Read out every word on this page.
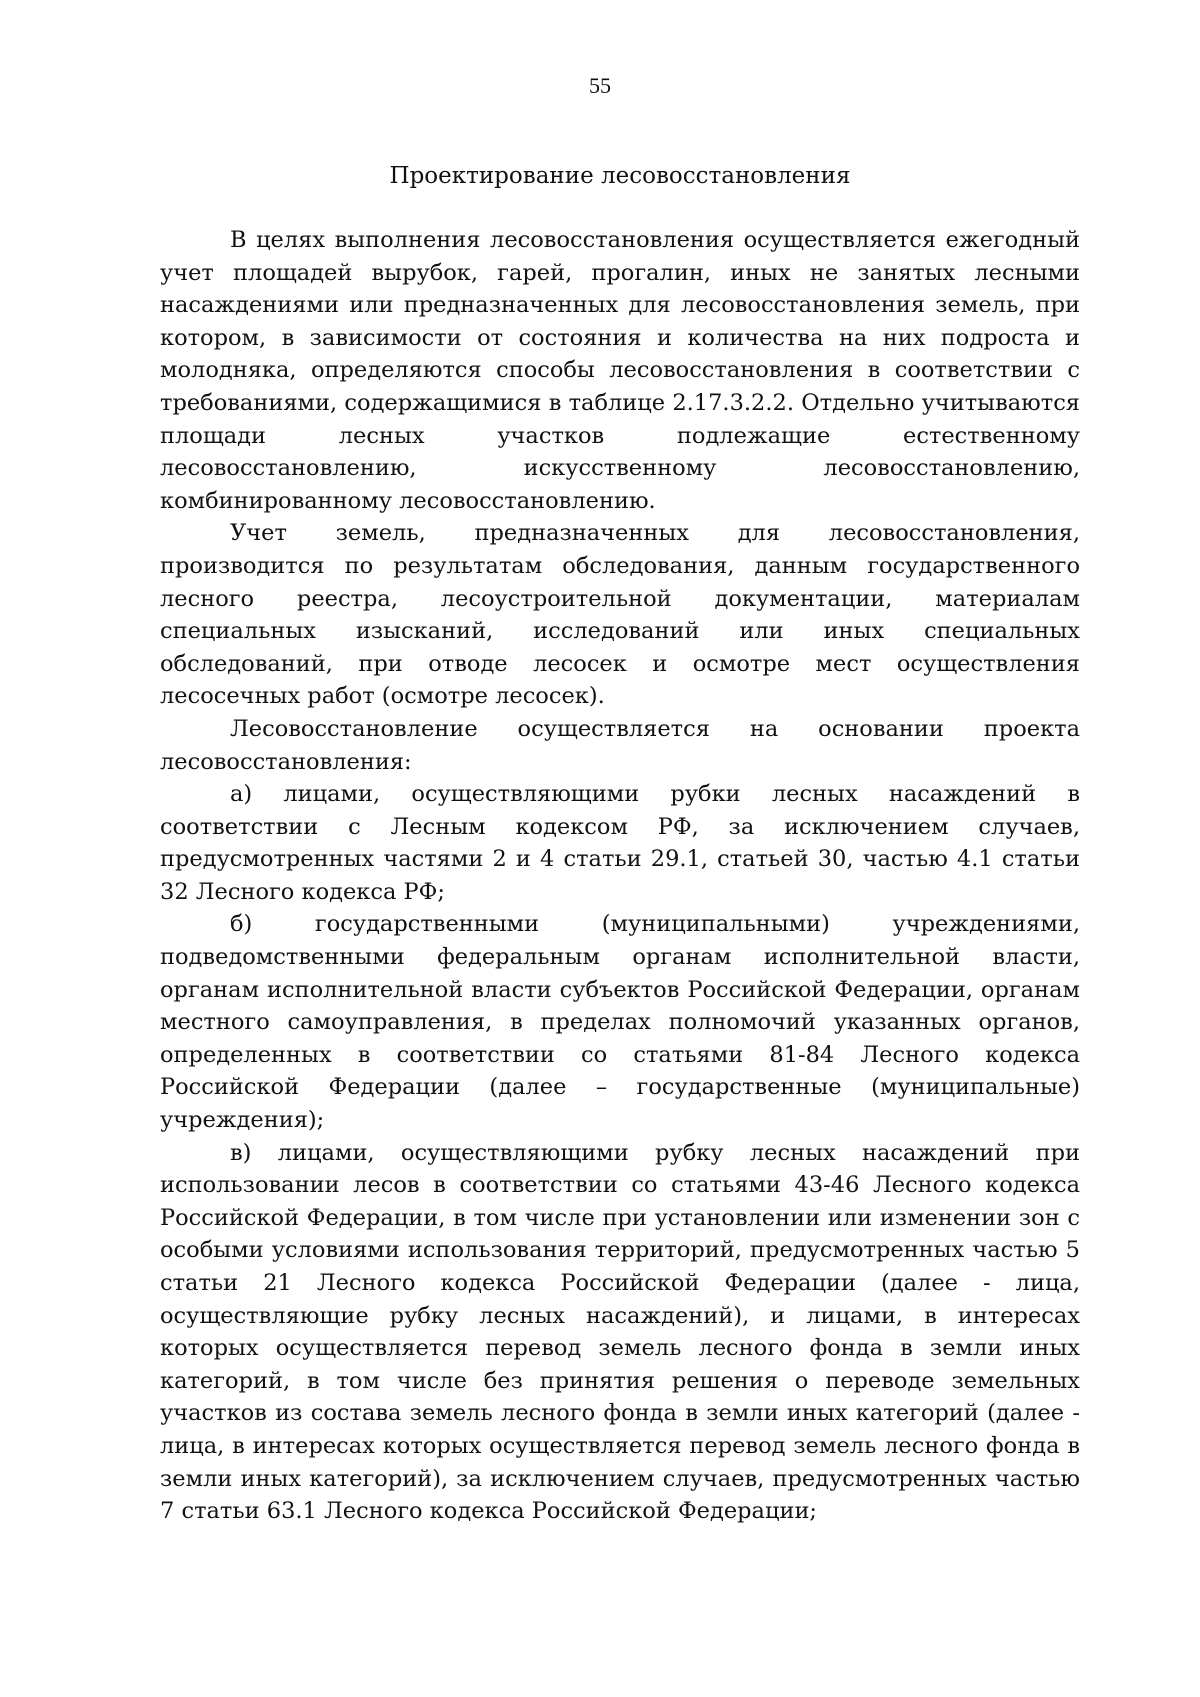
55
Проектирование лесовосстановления

В целях выполнения лесовосстановления осуществляется ежегодный учет площадей вырубок, гарей, прогалин, иных не занятых лесными насаждениями или предназначенных для лесовосстановления земель, при котором, в зависимости от состояния и количества на них подроста и молодняка, определяются способы лесовосстановления в соответствии с требованиями, содержащимися в таблице 2.17.3.2.2. Отдельно учитываются площади лесных участков подлежащие естественному лесовосстановлению, искусственному лесовосстановлению, комбинированному лесовосстановлению.

Учет земель, предназначенных для лесовосстановления, производится по результатам обследования, данным государственного лесного реестра, лесоустроительной документации, материалам специальных изысканий, исследований или иных специальных обследований, при отводе лесосек и осмотре мест осуществления лесосечных работ (осмотре лесосек).

Лесовосстановление осуществляется на основании проекта лесовосстановления:

а) лицами, осуществляющими рубки лесных насаждений в соответствии с Лесным кодексом РФ, за исключением случаев, предусмотренных частями 2 и 4 статьи 29.1, статьей 30, частью 4.1 статьи 32 Лесного кодекса РФ;

б) государственными (муниципальными) учреждениями, подведомственными федеральным органам исполнительной власти, органам исполнительной власти субъектов Российской Федерации, органам местного самоуправления, в пределах полномочий указанных органов, определенных в соответствии со статьями 81-84 Лесного кодекса Российской Федерации (далее – государственные (муниципальные) учреждения);

в) лицами, осуществляющими рубку лесных насаждений при использовании лесов в соответствии со статьями 43-46 Лесного кодекса Российской Федерации, в том числе при установлении или изменении зон с особыми условиями использования территорий, предусмотренных частью 5 статьи 21 Лесного кодекса Российской Федерации (далее - лица, осуществляющие рубку лесных насаждений), и лицами, в интересах которых осуществляется перевод земель лесного фонда в земли иных категорий, в том числе без принятия решения о переводе земельных участков из состава земель лесного фонда в земли иных категорий (далее - лица, в интересах которых осуществляется перевод земель лесного фонда в земли иных категорий), за исключением случаев, предусмотренных частью 7 статьи 63.1 Лесного кодекса Российской Федерации;
